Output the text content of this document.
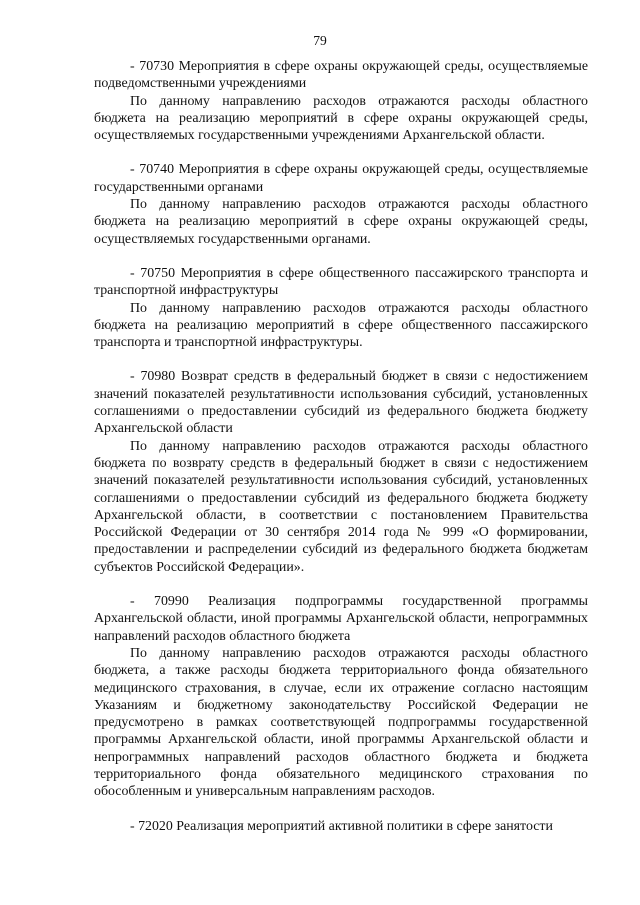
79

- 70730 Мероприятия в сфере охраны окружающей среды, осуществляемые подведомственными учреждениями

По данному направлению расходов отражаются расходы областного бюджета на реализацию мероприятий в сфере охраны окружающей среды, осуществляемых государственными учреждениями Архангельской области.

- 70740 Мероприятия в сфере охраны окружающей среды, осуществляемые государственными органами

По данному направлению расходов отражаются расходы областного бюджета на реализацию мероприятий в сфере охраны окружающей среды, осуществляемых государственными органами.

- 70750 Мероприятия в сфере общественного пассажирского транспорта и транспортной инфраструктуры

По данному направлению расходов отражаются расходы областного бюджета на реализацию мероприятий в сфере общественного пассажирского транспорта и транспортной инфраструктуры.

- 70980 Возврат средств в федеральный бюджет в связи с недостижением значений показателей результативности использования субсидий, установленных соглашениями о предоставлении субсидий из федерального бюджета бюджету Архангельской области

По данному направлению расходов отражаются расходы областного бюджета по возврату средств в федеральный бюджет в связи с недостижением значений показателей результативности использования субсидий, установленных соглашениями о предоставлении субсидий из федерального бюджета бюджету Архангельской области, в соответствии с постановлением Правительства Российской Федерации от 30 сентября 2014 года № 999 «О формировании, предоставлении и распределении субсидий из федерального бюджета бюджетам субъектов Российской Федерации».

- 70990 Реализация подпрограммы государственной программы Архангельской области, иной программы Архангельской области, непрограммных направлений расходов областного бюджета

По данному направлению расходов отражаются расходы областного бюджета, а также расходы бюджета территориального фонда обязательного медицинского страхования, в случае, если их отражение согласно настоящим Указаниям и бюджетному законодательству Российской Федерации не предусмотрено в рамках соответствующей подпрограммы государственной программы Архангельской области, иной программы Архангельской области и непрограммных направлений расходов областного бюджета и бюджета территориального фонда обязательного медицинского страхования по обособленным и универсальным направлениям расходов.

- 72020 Реализация мероприятий активной политики в сфере занятости
